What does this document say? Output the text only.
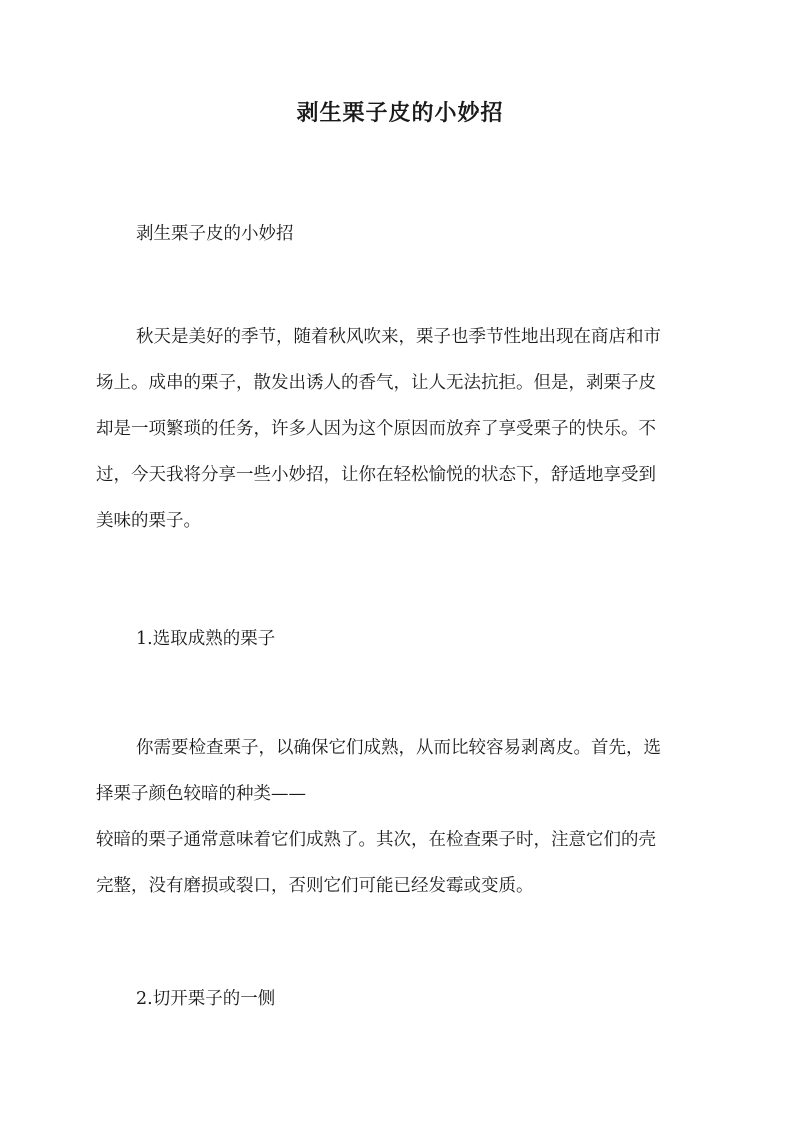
剥生栗子皮的小妙招

剥生栗子皮的小妙招

秋天是美好的季节，随着秋风吹来，栗子也季节性地出现在商店和市
场上。成串的栗子，散发出诱人的香气，让人无法抗拒。但是，剥栗子皮
却是一项繁琐的任务，许多人因为这个原因而放弃了享受栗子的快乐。不
过，今天我将分享一些小妙招，让你在轻松愉悦的状态下，舒适地享受到
美味的栗子。

1.选取成熟的栗子

你需要检查栗子，以确保它们成熟，从而比较容易剥离皮。首先，选
择栗子颜色较暗的种类——
较暗的栗子通常意味着它们成熟了。其次，在检查栗子时，注意它们的壳
完整，没有磨损或裂口，否则它们可能已经发霉或变质。

2.切开栗子的一侧
